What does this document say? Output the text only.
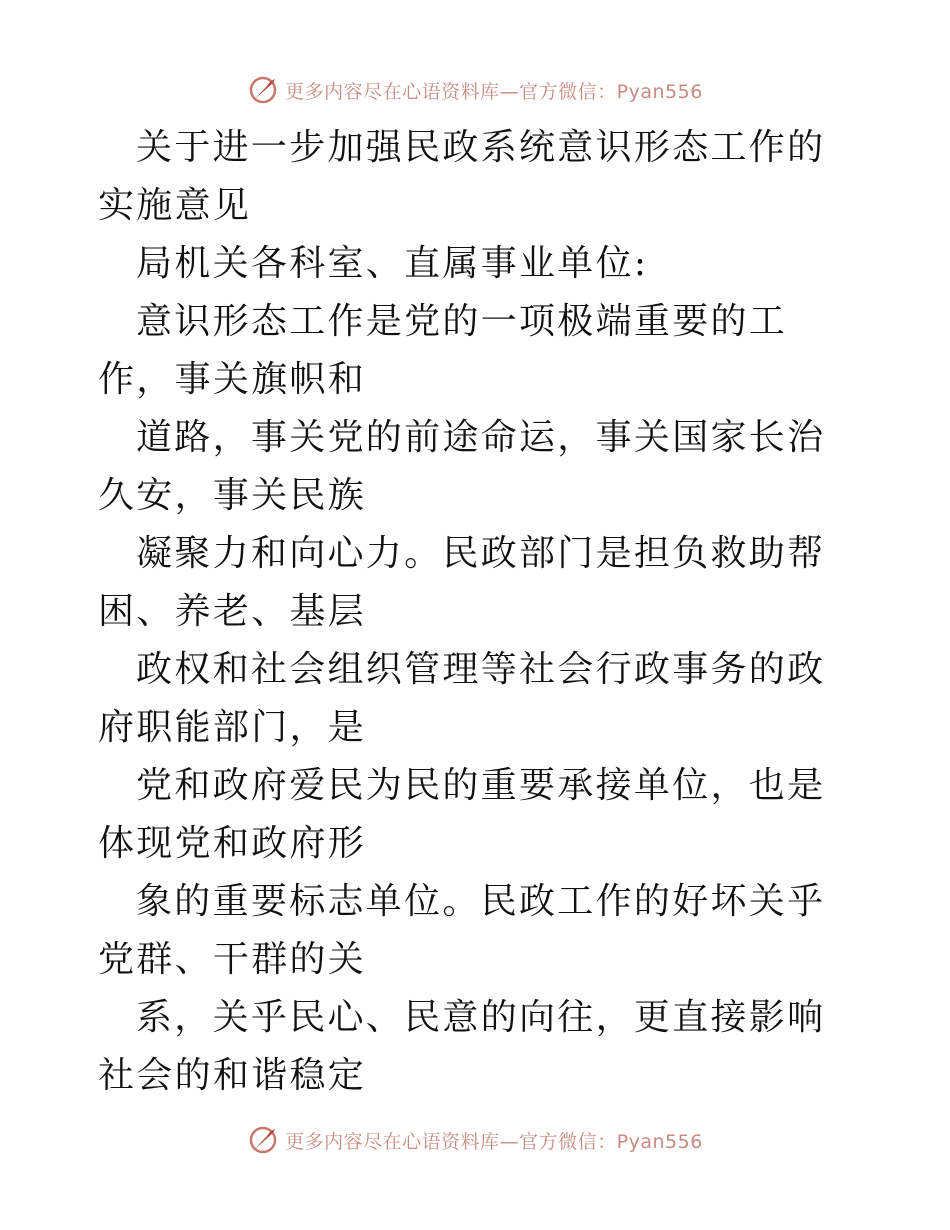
更多内容尽在心语资料库—官方微信：Pyan556

关于进一步加强民政系统意识形态工作的实施意见

局机关各科室、直属事业单位:

意识形态工作是党的一项极端重要的工作，事关旗帜和

道路，事关党的前途命运，事关国家长治久安，事关民族

凝聚力和向心力。民政部门是担负救助帮困、养老、基层

政权和社会组织管理等社会行政事务的政府职能部门，是

党和政府爱民为民的重要承接单位，也是体现党和政府形

象的重要标志单位。民政工作的好坏关乎党群、干群的关

系，关乎民心、民意的向往，更直接影响社会的和谐稳定

更多内容尽在心语资料库—官方微信：Pyan556
